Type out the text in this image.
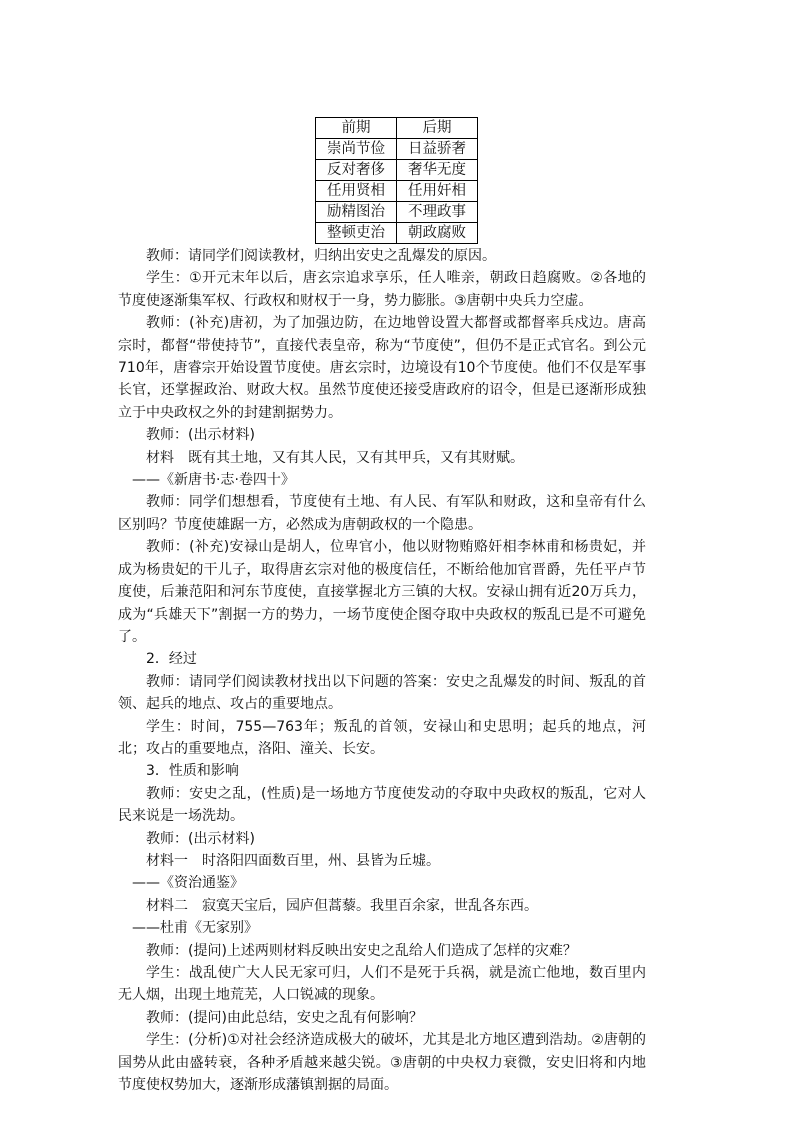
前期	后期
崇尚节俭	日益骄奢
反对奢侈	奢华无度
任用贤相	任用奸相
励精图治	不理政事
整顿吏治	朝政腐败

教师：请同学们阅读教材，归纳出安史之乱爆发的原因。

学生：①开元末年以后，唐玄宗追求享乐，任人唯亲，朝政日趋腐败。②各地的节度使逐渐集军权、行政权和财权于一身，势力膨胀。③唐朝中央兵力空虚。

教师：(补充)唐初，为了加强边防，在边地曾设置大都督或都督率兵戍边。唐高宗时，都督“带使持节”，直接代表皇帝，称为“节度使”，但仍不是正式官名。到公元710年，唐睿宗开始设置节度使。唐玄宗时，边境设有10个节度使。他们不仅是军事长官，还掌握政治、财政大权。虽然节度使还接受唐政府的诏令，但是已逐渐形成独立于中央政权之外的封建割据势力。

教师：(出示材料)

材料　既有其土地，又有其人民，又有其甲兵，又有其财赋。

——《新唐书·志·卷四十》

教师：同学们想想看，节度使有土地、有人民、有军队和财政，这和皇帝有什么区别吗？节度使雄踞一方，必然成为唐朝政权的一个隐患。

教师：(补充)安禄山是胡人，位卑官小，他以财物贿赂奸相李林甫和杨贵妃，并成为杨贵妃的干儿子，取得唐玄宗对他的极度信任，不断给他加官晋爵，先任平卢节度使，后兼范阳和河东节度使，直接掌握北方三镇的大权。安禄山拥有近20万兵力，成为“兵雄天下”割据一方的势力，一场节度使企图夺取中央政权的叛乱已是不可避免了。

2．经过

教师：请同学们阅读教材找出以下问题的答案：安史之乱爆发的时间、叛乱的首领、起兵的地点、攻占的重要地点。

学生：时间，755—763年；叛乱的首领，安禄山和史思明；起兵的地点，河北；攻占的重要地点，洛阳、潼关、长安。

3．性质和影响

教师：安史之乱，(性质)是一场地方节度使发动的夺取中央政权的叛乱，它对人民来说是一场洗劫。

教师：(出示材料)

材料一　时洛阳四面数百里，州、县皆为丘墟。

——《资治通鉴》

材料二　寂寞天宝后，园庐但蒿藜。我里百余家，世乱各东西。

——杜甫《无家别》

教师：(提问)上述两则材料反映出安史之乱给人们造成了怎样的灾难？

学生：战乱使广大人民无家可归，人们不是死于兵祸，就是流亡他地，数百里内无人烟，出现土地荒芜，人口锐减的现象。

教师：(提问)由此总结，安史之乱有何影响？

学生：(分析)①对社会经济造成极大的破坏，尤其是北方地区遭到浩劫。②唐朝的国势从此由盛转衰，各种矛盾越来越尖锐。③唐朝的中央权力衰微，安史旧将和内地节度使权势加大，逐渐形成藩镇割据的局面。
